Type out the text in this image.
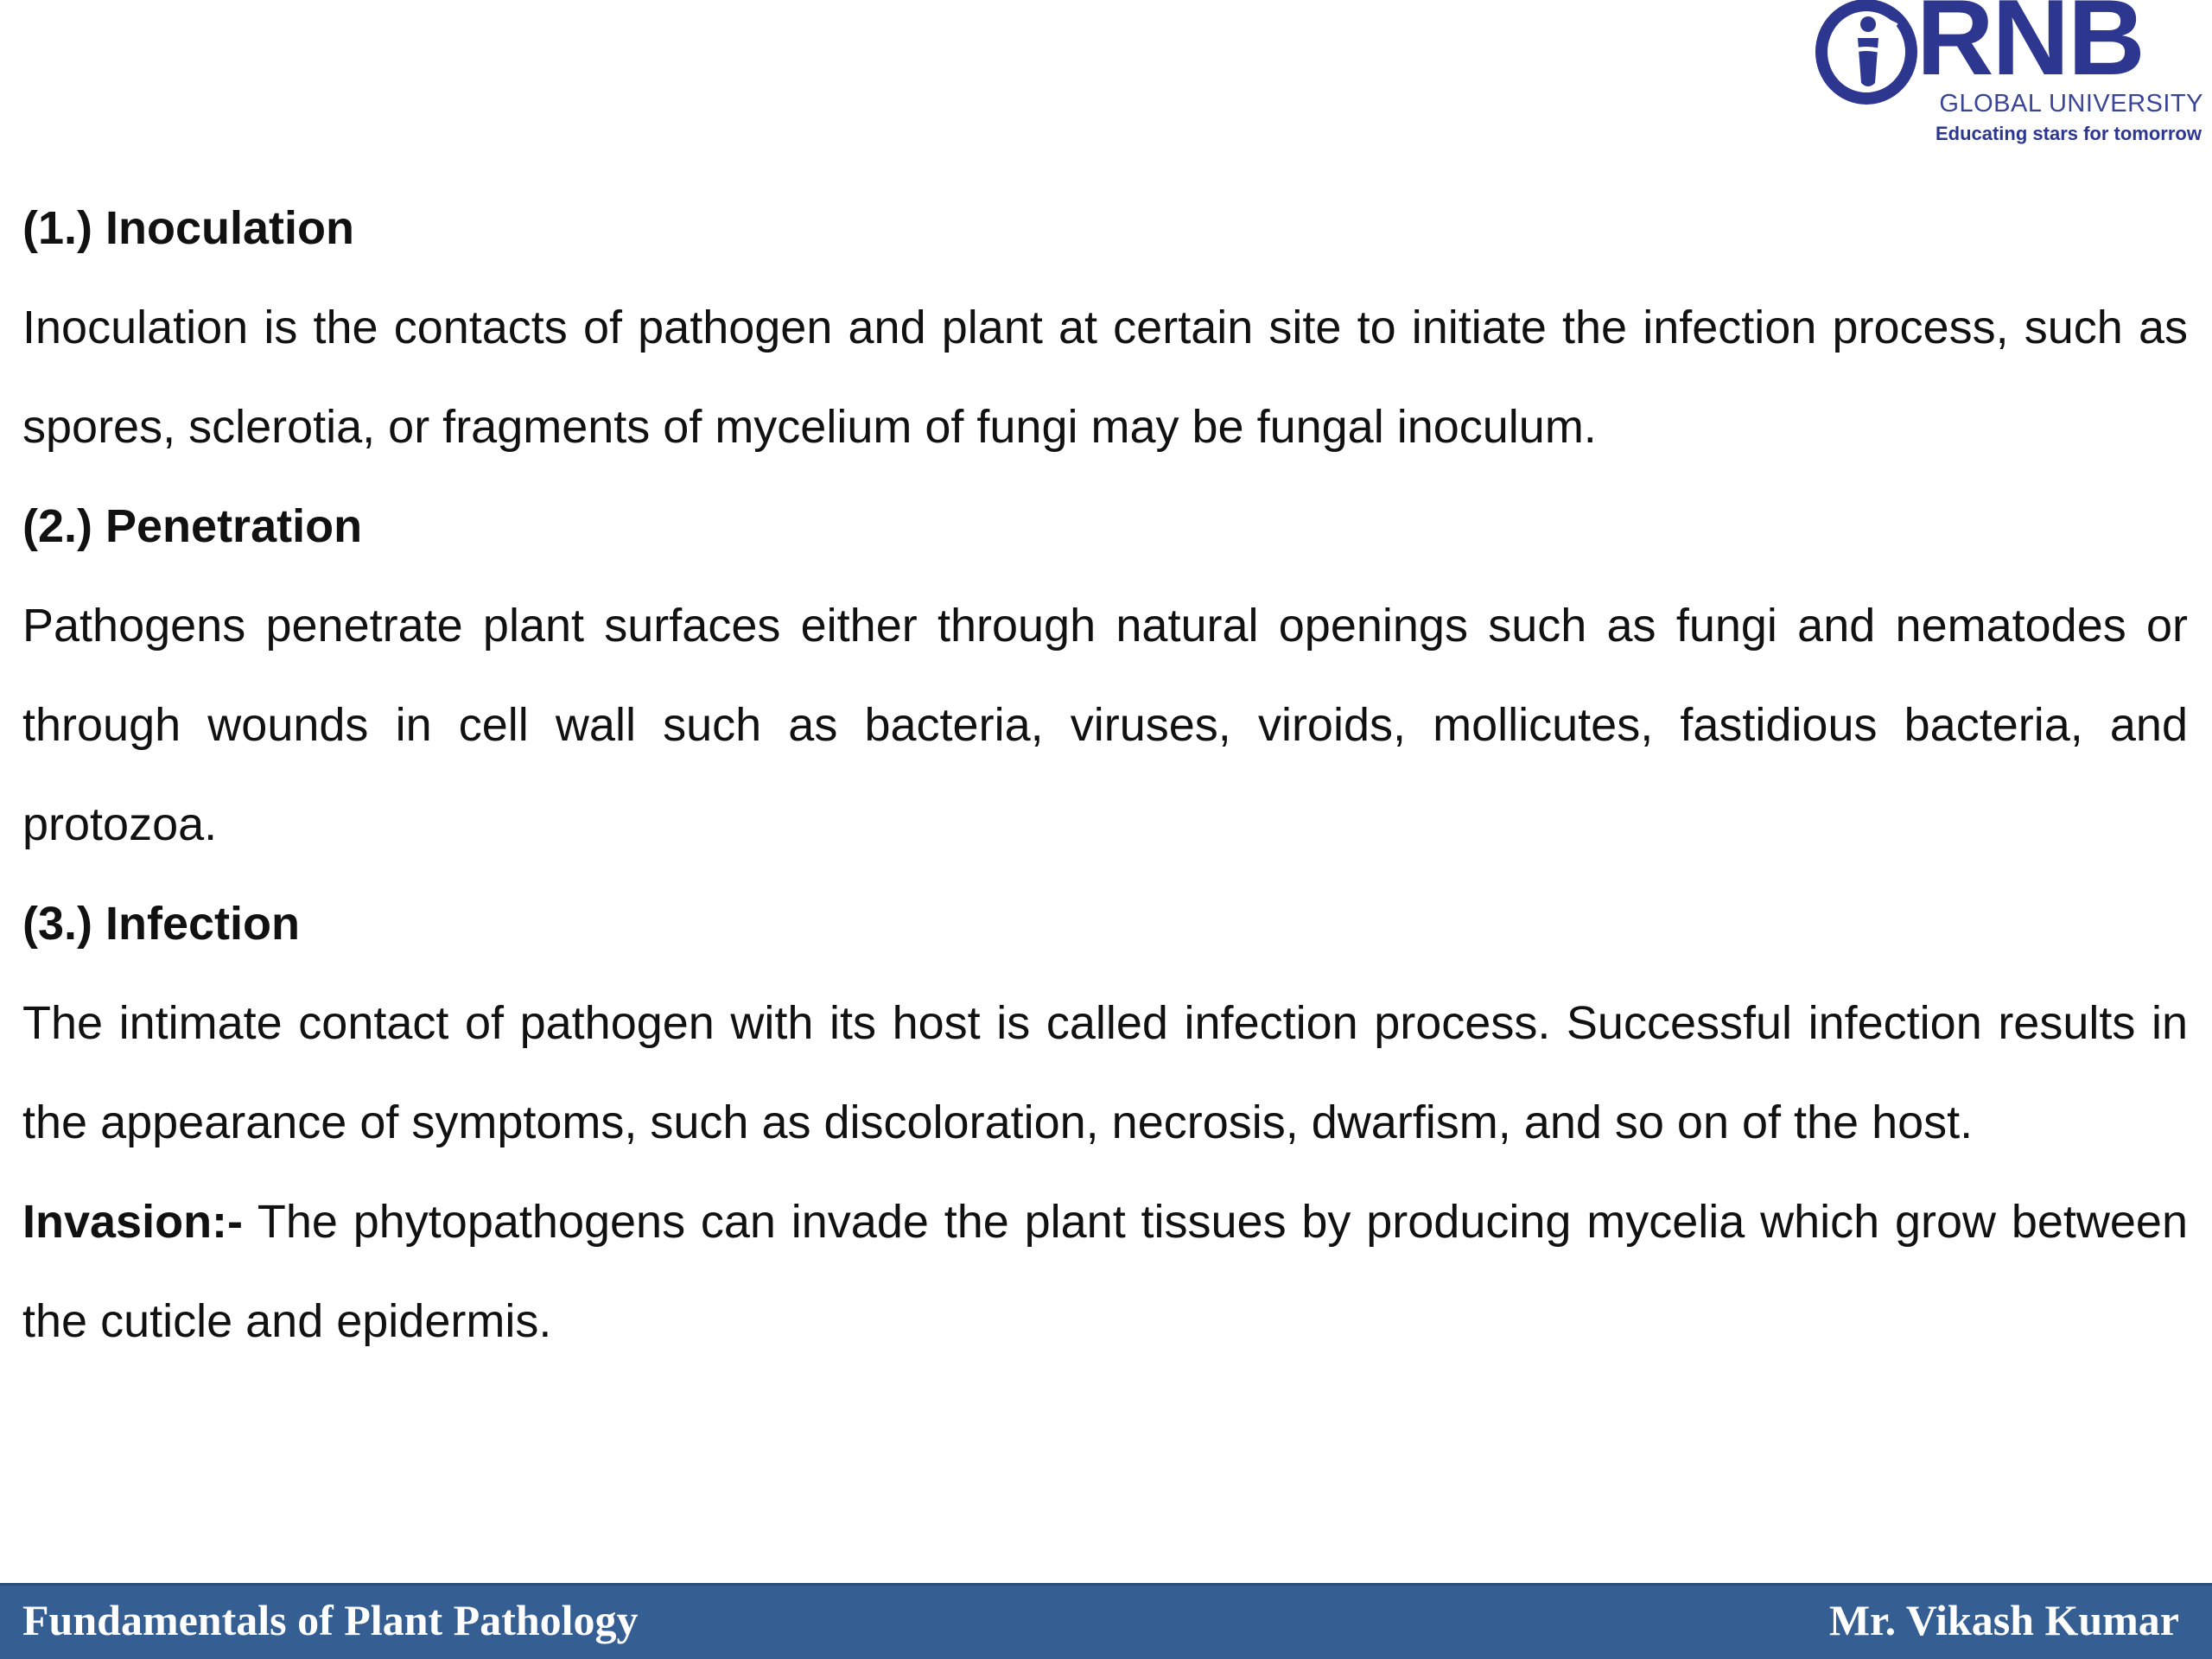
RNB
GLOBAL UNIVERSITY
Educating stars for tomorrow

(1.) Inoculation

Inoculation is the contacts of pathogen and plant at certain site to initiate the infection process, such as spores, sclerotia, or fragments of mycelium of fungi may be fungal inoculum.

(2.) Penetration

Pathogens penetrate plant surfaces either through natural openings such as fungi and nematodes or through wounds in cell wall such as bacteria, viruses, viroids, mollicutes, fastidious bacteria, and protozoa.

(3.) Infection

The intimate contact of pathogen with its host is called infection process. Successful infection results in the appearance of symptoms, such as discoloration, necrosis, dwarfism, and so on of the host.

Invasion:- The phytopathogens can invade the plant tissues by producing mycelia which grow between the cuticle and epidermis.

Fundamentals of Plant Pathology	Mr. Vikash Kumar
